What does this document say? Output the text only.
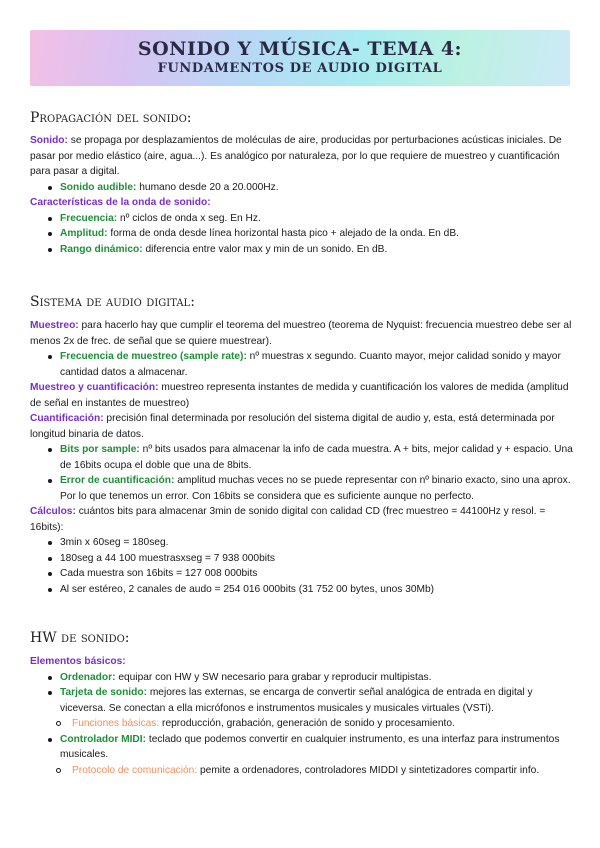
SONIDO Y MÚSICA- TEMA 4:
FUNDAMENTOS DE AUDIO DIGITAL
Propagación del sonido:

Sonido: se propaga por desplazamientos de moléculas de aire, producidas por perturbaciones acústicas iniciales. De pasar por medio elástico (aire, agua...). Es analógico por naturaleza, por lo que requiere de muestreo y cuantificación para pasar a digital.

Sonido audible: humano desde 20 a 20.000Hz.

Características de la onda de sonido:

Frecuencia: nº ciclos de onda x seg. En Hz.
Amplitud: forma de onda desde línea horizontal hasta pico + alejado de la onda. En dB.
Rango dinámico: diferencia entre valor max y min de un sonido. En dB.
Sistema de audio digital:

Muestreo: para hacerlo hay que cumplir el teorema del muestreo (teorema de Nyquist: frecuencia muestreo debe ser al menos 2x de frec. de señal que se quiere muestrear).

Frecuencia de muestreo (sample rate): nº muestras x segundo. Cuanto mayor, mejor calidad sonido y mayor cantidad datos a almacenar.

Muestreo y cuantificación: muestreo representa instantes de medida y cuantificación los valores de medida (amplitud de señal en instantes de muestreo)

Cuantificación: precisión final determinada por resolución del sistema digital de audio y, esta, está determinada por longitud binaria de datos.

Bits por sample: nº bits usados para almacenar la info de cada muestra. A + bits, mejor calidad y + espacio. Una de 16bits ocupa el doble que una de 8bits.
Error de cuantificación: amplitud muchas veces no se puede representar con nº binario exacto, sino una aprox. Por lo que tenemos un error. Con 16bits se considera que es suficiente aunque no perfecto.

Cálculos: cuántos bits para almacenar 3min de sonido digital con calidad CD (frec muestreo = 44100Hz y resol. = 16bits):

3min x 60seg = 180seg.
180seg a 44 100 muestrasxseg = 7 938 000bits
Cada muestra son 16bits = 127 008 000bits
Al ser estéreo, 2 canales de audo = 254 016 000bits (31 752 00 bytes, unos 30Mb)
HW de sonido:

Elementos básicos:

Ordenador: equipar con HW y SW necesario para grabar y reproducir multipistas.
Tarjeta de sonido: mejores las externas, se encarga de convertir señal analógica de entrada en digital y viceversa. Se conectan a ella micrófonos e instrumentos musicales y musicales virtuales (VSTi).
Funciones básicas: reproducción, grabación, generación de sonido y procesamiento.
Controlador MIDI: teclado que podemos convertir en cualquier instrumento, es una interfaz para instrumentos musicales.
Protocolo de comunicación: pemite a ordenadores, controladores MIDDI y sintetizadores compartir info.
